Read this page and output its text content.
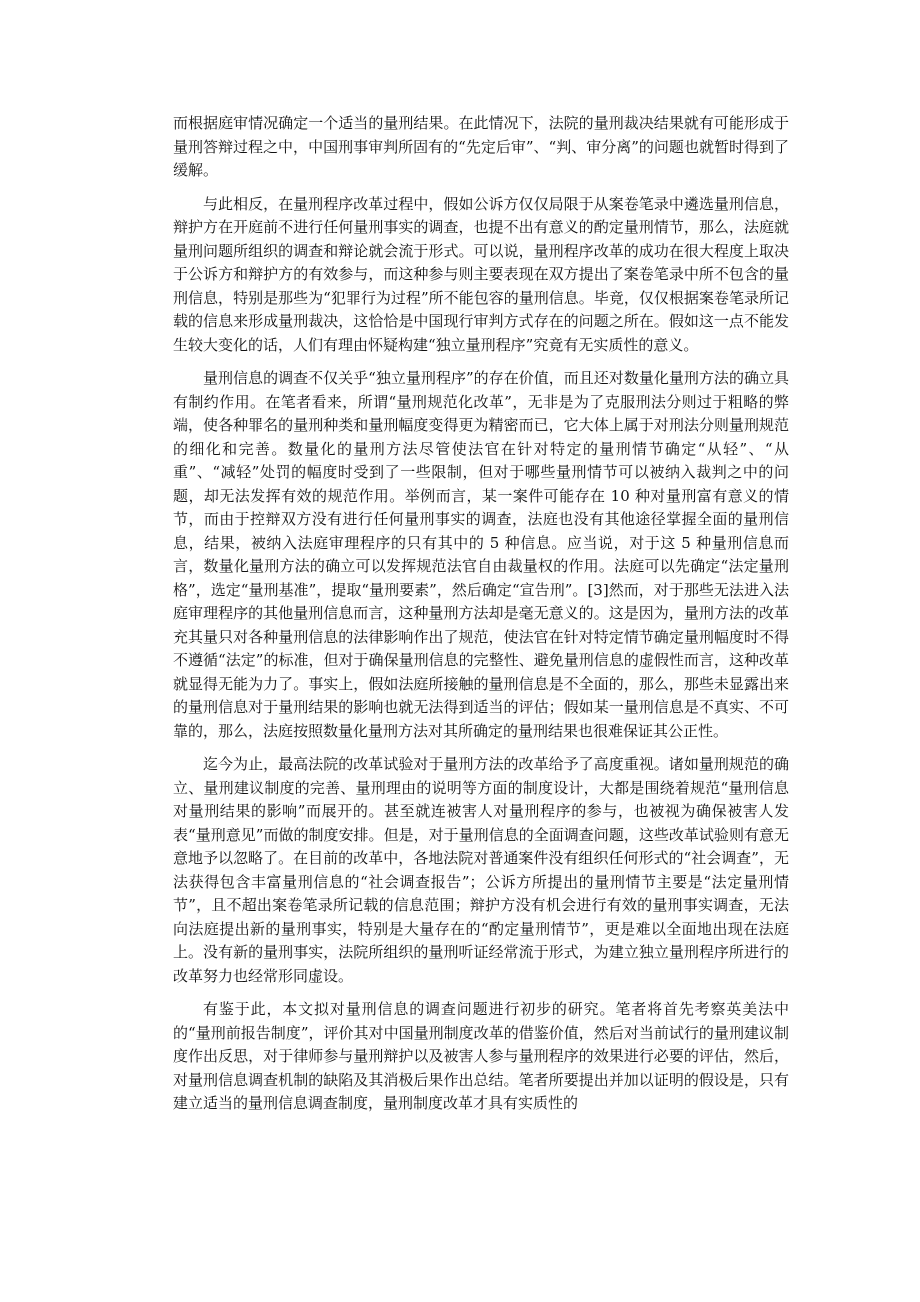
而根据庭审情况确定一个适当的量刑结果。在此情况下，法院的量刑裁决结果就有可能形成于量刑答辩过程之中，中国刑事审判所固有的“先定后审”、“判、审分离”的问题也就暂时得到了缓解。

与此相反，在量刑程序改革过程中，假如公诉方仅仅局限于从案卷笔录中遴选量刑信息，辩护方在开庭前不进行任何量刑事实的调查，也提不出有意义的酌定量刑情节，那么，法庭就量刑问题所组织的调查和辩论就会流于形式。可以说，量刑程序改革的成功在很大程度上取决于公诉方和辩护方的有效参与，而这种参与则主要表现在双方提出了案卷笔录中所不包含的量刑信息，特别是那些为“犯罪行为过程”所不能包容的量刑信息。毕竟，仅仅根据案卷笔录所记载的信息来形成量刑裁决，这恰恰是中国现行审判方式存在的问题之所在。假如这一点不能发生较大变化的话，人们有理由怀疑构建“独立量刑程序”究竟有无实质性的意义。

量刑信息的调查不仅关乎“独立量刑程序”的存在价值，而且还对数量化量刑方法的确立具有制约作用。在笔者看来，所谓“量刑规范化改革”，无非是为了克服刑法分则过于粗略的弊端，使各种罪名的量刑种类和量刑幅度变得更为精密而已，它大体上属于对刑法分则量刑规范的细化和完善。数量化的量刑方法尽管使法官在针对特定的量刑情节确定“从轻”、“从重”、“减轻”处罚的幅度时受到了一些限制，但对于哪些量刑情节可以被纳入裁判之中的问题，却无法发挥有效的规范作用。举例而言，某一案件可能存在 10 种对量刑富有意义的情节，而由于控辩双方没有进行任何量刑事实的调查，法庭也没有其他途径掌握全面的量刑信息，结果，被纳入法庭审理程序的只有其中的 5 种信息。应当说，对于这 5 种量刑信息而言，数量化量刑方法的确立可以发挥规范法官自由裁量权的作用。法庭可以先确定“法定量刑格”，选定“量刑基准”，提取“量刑要素”，然后确定“宣告刑”。[3]然而，对于那些无法进入法庭审理程序的其他量刑信息而言，这种量刑方法却是毫无意义的。这是因为，量刑方法的改革充其量只对各种量刑信息的法律影响作出了规范，使法官在针对特定情节确定量刑幅度时不得不遵循“法定”的标准，但对于确保量刑信息的完整性、避免量刑信息的虚假性而言，这种改革就显得无能为力了。事实上，假如法庭所接触的量刑信息是不全面的，那么，那些未显露出来的量刑信息对于量刑结果的影响也就无法得到适当的评估；假如某一量刑信息是不真实、不可靠的，那么，法庭按照数量化量刑方法对其所确定的量刑结果也很难保证其公正性。

迄今为止，最高法院的改革试验对于量刑方法的改革给予了高度重视。诸如量刑规范的确立、量刑建议制度的完善、量刑理由的说明等方面的制度设计，大都是围绕着规范“量刑信息对量刑结果的影响”而展开的。甚至就连被害人对量刑程序的参与，也被视为确保被害人发表“量刑意见”而做的制度安排。但是，对于量刑信息的全面调查问题，这些改革试验则有意无意地予以忽略了。在目前的改革中，各地法院对普通案件没有组织任何形式的“社会调查”，无法获得包含丰富量刑信息的“社会调查报告”；公诉方所提出的量刑情节主要是“法定量刑情节”，且不超出案卷笔录所记载的信息范围；辩护方没有机会进行有效的量刑事实调查，无法向法庭提出新的量刑事实，特别是大量存在的“酌定量刑情节”，更是难以全面地出现在法庭上。没有新的量刑事实，法院所组织的量刑听证经常流于形式，为建立独立量刑程序所进行的改革努力也经常形同虚设。

有鉴于此，本文拟对量刑信息的调查问题进行初步的研究。笔者将首先考察英美法中的“量刑前报告制度”，评价其对中国量刑制度改革的借鉴价值，然后对当前试行的量刑建议制度作出反思，对于律师参与量刑辩护以及被害人参与量刑程序的效果进行必要的评估，然后，对量刑信息调查机制的缺陷及其消极后果作出总结。笔者所要提出并加以证明的假设是，只有建立适当的量刑信息调查制度，量刑制度改革才具有实质性的
